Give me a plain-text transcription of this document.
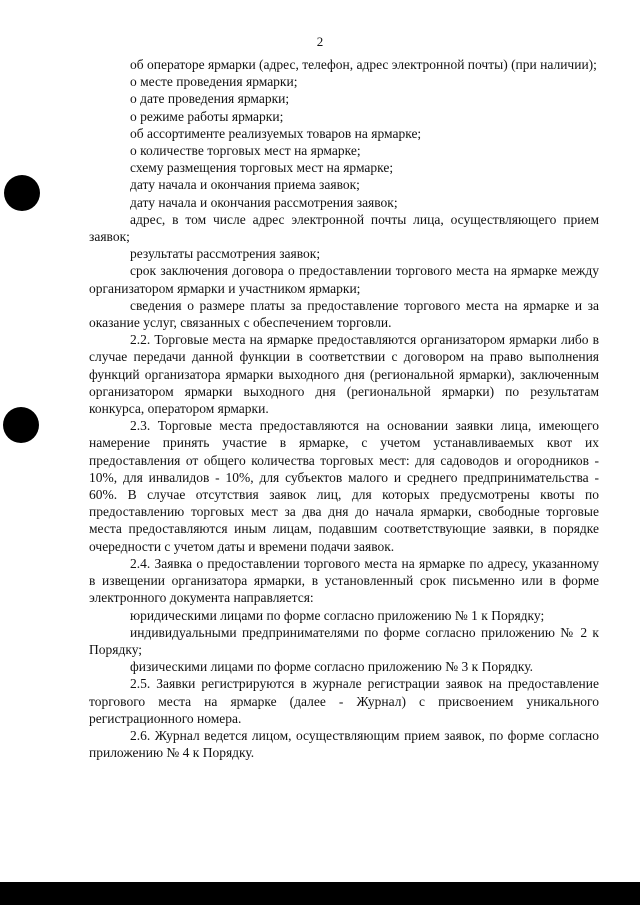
2

об операторе ярмарки (адрес, телефон, адрес электронной почты) (при наличии);

о месте проведения ярмарки;

о дате проведения ярмарки;

о режиме работы ярмарки;

об ассортименте реализуемых товаров на ярмарке;

о количестве торговых мест на ярмарке;

схему размещения торговых мест на ярмарке;

дату начала и окончания приема заявок;

дату начала и окончания рассмотрения заявок;

адрес, в том числе адрес электронной почты лица, осуществляющего прием заявок;

результаты рассмотрения заявок;

срок заключения договора о предоставлении торгового места на ярмарке между организатором ярмарки и участником ярмарки;

сведения о размере платы за предоставление торгового места на ярмарке и за оказание услуг, связанных с обеспечением торговли.

2.2. Торговые места на ярмарке предоставляются организатором ярмарки либо в случае передачи данной функции в соответствии с договором на право выполнения функций организатора ярмарки выходного дня (региональной ярмарки), заключенным организатором ярмарки выходного дня (региональной ярмарки) по результатам конкурса, оператором ярмарки.

2.3. Торговые места предоставляются на основании заявки лица, имеющего намерение принять участие в ярмарке, с учетом устанавливаемых квот их предоставления от общего количества торговых мест: для садоводов и огородников - 10%, для инвалидов - 10%, для субъектов малого и среднего предпринимательства - 60%. В случае отсутствия заявок лиц, для которых предусмотрены квоты по предоставлению торговых мест за два дня до начала ярмарки, свободные торговые места предоставляются иным лицам, подавшим соответствующие заявки, в порядке очередности с учетом даты и времени подачи заявок.

2.4. Заявка о предоставлении торгового места на ярмарке по адресу, указанному в извещении организатора ярмарки, в установленный срок письменно или в форме электронного документа направляется:

юридическими лицами по форме согласно приложению № 1 к Порядку;

индивидуальными предпринимателями по форме согласно приложению № 2 к Порядку;

физическими лицами по форме согласно приложению № 3 к Порядку.

2.5. Заявки регистрируются в журнале регистрации заявок на предоставление торгового места на ярмарке (далее - Журнал) с присвоением уникального регистрационного номера.

2.6. Журнал ведется лицом, осуществляющим прием заявок, по форме согласно приложению № 4 к Порядку.
